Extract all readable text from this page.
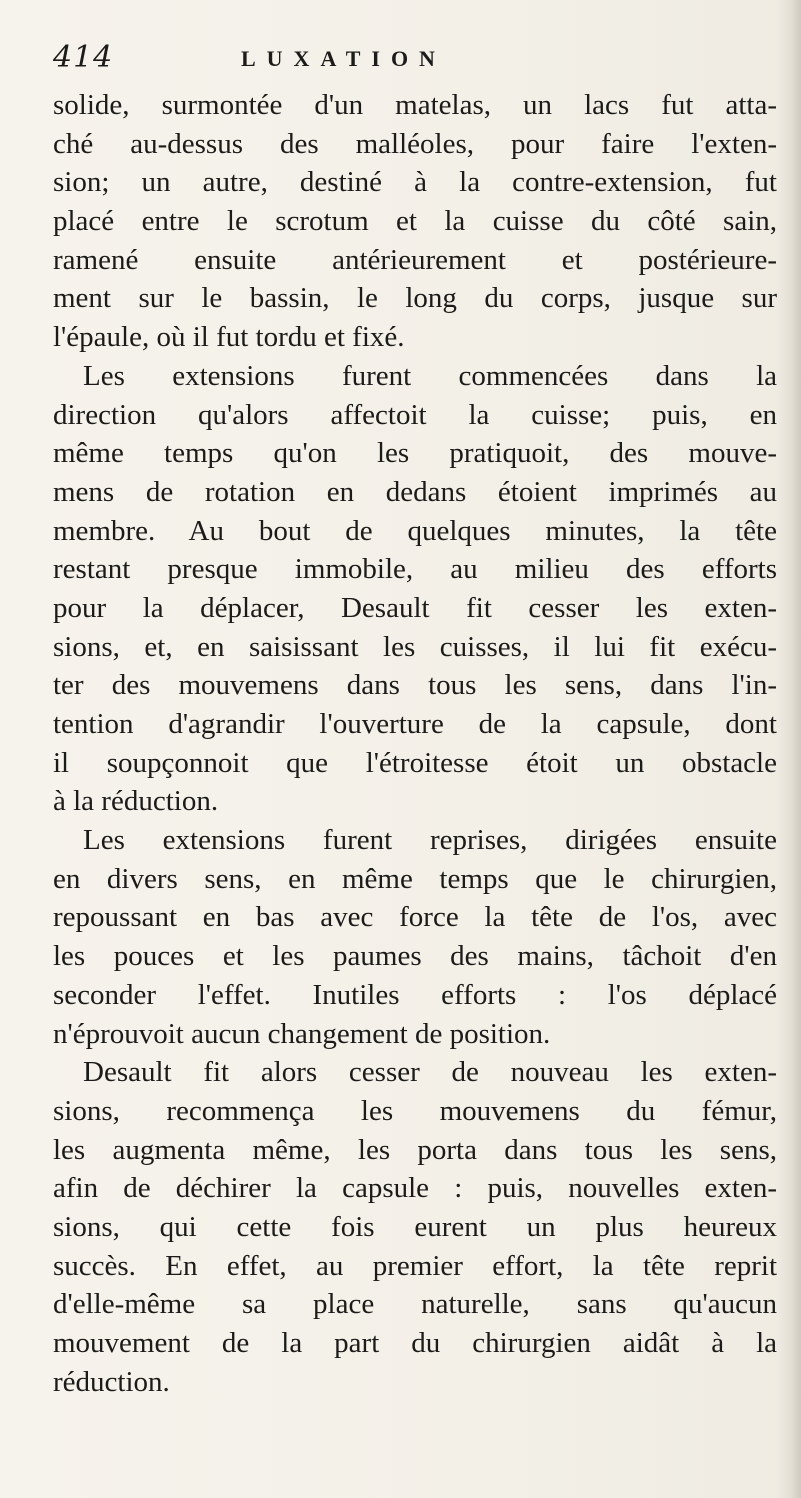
414	LUXATION
solide, surmontée d'un matelas, un lacs fut atta-
ché au-dessus des malléoles, pour faire l'exten-
sion; un autre, destiné à la contre-extension, fut
placé entre le scrotum et la cuisse du côté sain,
ramené ensuite antérieurement et postérieure-
ment sur le bassin, le long du corps, jusque sur
l'épaule, où il fut tordu et fixé.
Les extensions furent commencées dans la
direction qu'alors affectoit la cuisse; puis, en
même temps qu'on les pratiquoit, des mouve-
mens de rotation en dedans étoient imprimés au
membre. Au bout de quelques minutes, la tête
restant presque immobile, au milieu des efforts
pour la déplacer, Desault fit cesser les exten-
sions, et, en saisissant les cuisses, il lui fit exécu-
ter des mouvemens dans tous les sens, dans l'in-
tention d'agrandir l'ouverture de la capsule, dont
il soupçonnoit que l'étroitesse étoit un obstacle
à la réduction.
Les extensions furent reprises, dirigées ensuite
en divers sens, en même temps que le chirurgien,
repoussant en bas avec force la tête de l'os, avec
les pouces et les paumes des mains, tâchoit d'en
seconder l'effet. Inutiles efforts : l'os déplacé
n'éprouvoit aucun changement de position.
Desault fit alors cesser de nouveau les exten-
sions, recommença les mouvemens du fémur,
les augmenta même, les porta dans tous les sens,
afin de déchirer la capsule : puis, nouvelles exten-
sions, qui cette fois eurent un plus heureux
succès. En effet, au premier effort, la tête reprit
d'elle-même sa place naturelle, sans qu'aucun
mouvement de la part du chirurgien aidât à la
réduction.
